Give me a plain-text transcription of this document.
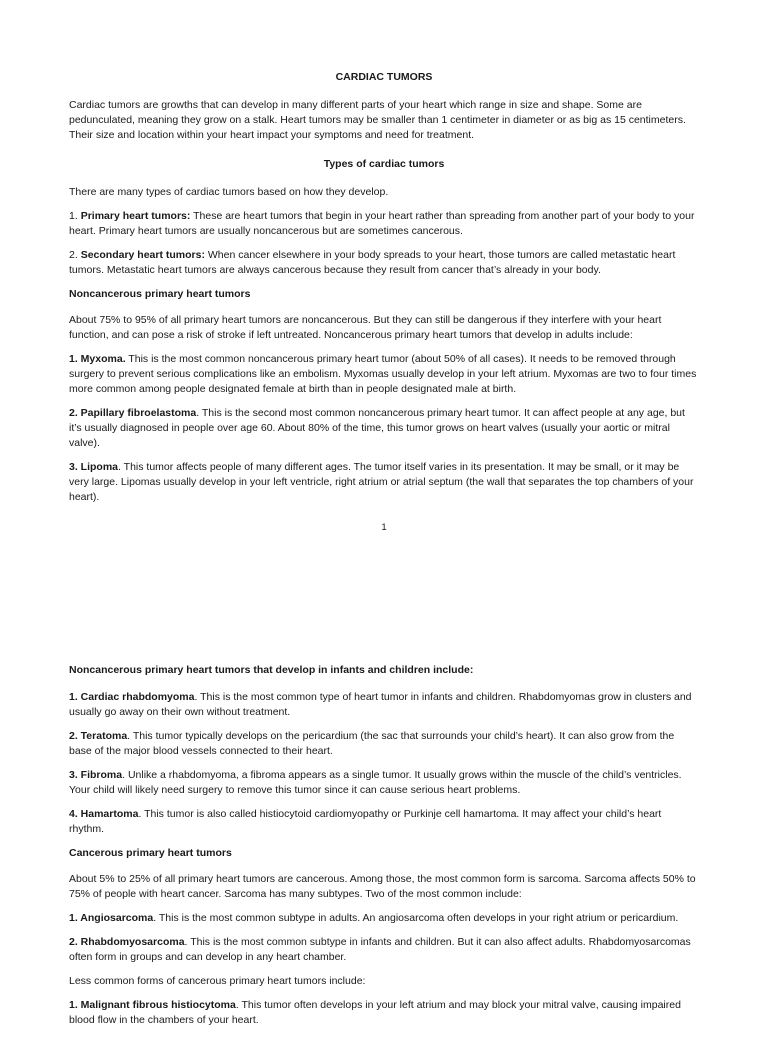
CARDIAC TUMORS

Cardiac tumors are growths that can develop in many different parts of your heart which range in size and shape. Some are pedunculated, meaning they grow on a stalk. Heart tumors may be smaller than 1 centimeter in diameter or as big as 15 centimeters. Their size and location within your heart impact your symptoms and need for treatment.

Types of cardiac tumors

There are many types of cardiac tumors based on how they develop.

1. Primary heart tumors: These are heart tumors that begin in your heart rather than spreading from another part of your body to your heart. Primary heart tumors are usually noncancerous but are sometimes cancerous.

2. Secondary heart tumors: When cancer elsewhere in your body spreads to your heart, those tumors are called metastatic heart tumors. Metastatic heart tumors are always cancerous because they result from cancer that’s already in your body.

Noncancerous primary heart tumors

About 75% to 95% of all primary heart tumors are noncancerous. But they can still be dangerous if they interfere with your heart function, and can pose a risk of stroke if left untreated. Noncancerous primary heart tumors that develop in adults include:

1. Myxoma. This is the most common noncancerous primary heart tumor (about 50% of all cases). It needs to be removed through surgery to prevent serious complications like an embolism. Myxomas usually develop in your left atrium. Myxomas are two to four times more common among people designated female at birth than in people designated male at birth.

2. Papillary fibroelastoma. This is the second most common noncancerous primary heart tumor. It can affect people at any age, but it’s usually diagnosed in people over age 60. About 80% of the time, this tumor grows on heart valves (usually your aortic or mitral valve).

3. Lipoma. This tumor affects people of many different ages. The tumor itself varies in its presentation. It may be small, or it may be very large. Lipomas usually develop in your left ventricle, right atrium or atrial septum (the wall that separates the top chambers of your heart).

1
Noncancerous primary heart tumors that develop in infants and children include:

1. Cardiac rhabdomyoma. This is the most common type of heart tumor in infants and children. Rhabdomyomas grow in clusters and usually go away on their own without treatment.

2. Teratoma. This tumor typically develops on the pericardium (the sac that surrounds your child’s heart). It can also grow from the base of the major blood vessels connected to their heart.

3. Fibroma. Unlike a rhabdomyoma, a fibroma appears as a single tumor. It usually grows within the muscle of the child’s ventricles. Your child will likely need surgery to remove this tumor since it can cause serious heart problems.

4. Hamartoma. This tumor is also called histiocytoid cardiomyopathy or Purkinje cell hamartoma. It may affect your child’s heart rhythm.

Cancerous primary heart tumors

About 5% to 25% of all primary heart tumors are cancerous. Among those, the most common form is sarcoma. Sarcoma affects 50% to 75% of people with heart cancer. Sarcoma has many subtypes. Two of the most common include:

1. Angiosarcoma. This is the most common subtype in adults. An angiosarcoma often develops in your right atrium or pericardium.

2. Rhabdomyosarcoma. This is the most common subtype in infants and children. But it can also affect adults. Rhabdomyosarcomas often form in groups and can develop in any heart chamber.

Less common forms of cancerous primary heart tumors include:

1. Malignant fibrous histiocytoma. This tumor often develops in your left atrium and may block your mitral valve, causing impaired blood flow in the chambers of your heart.
